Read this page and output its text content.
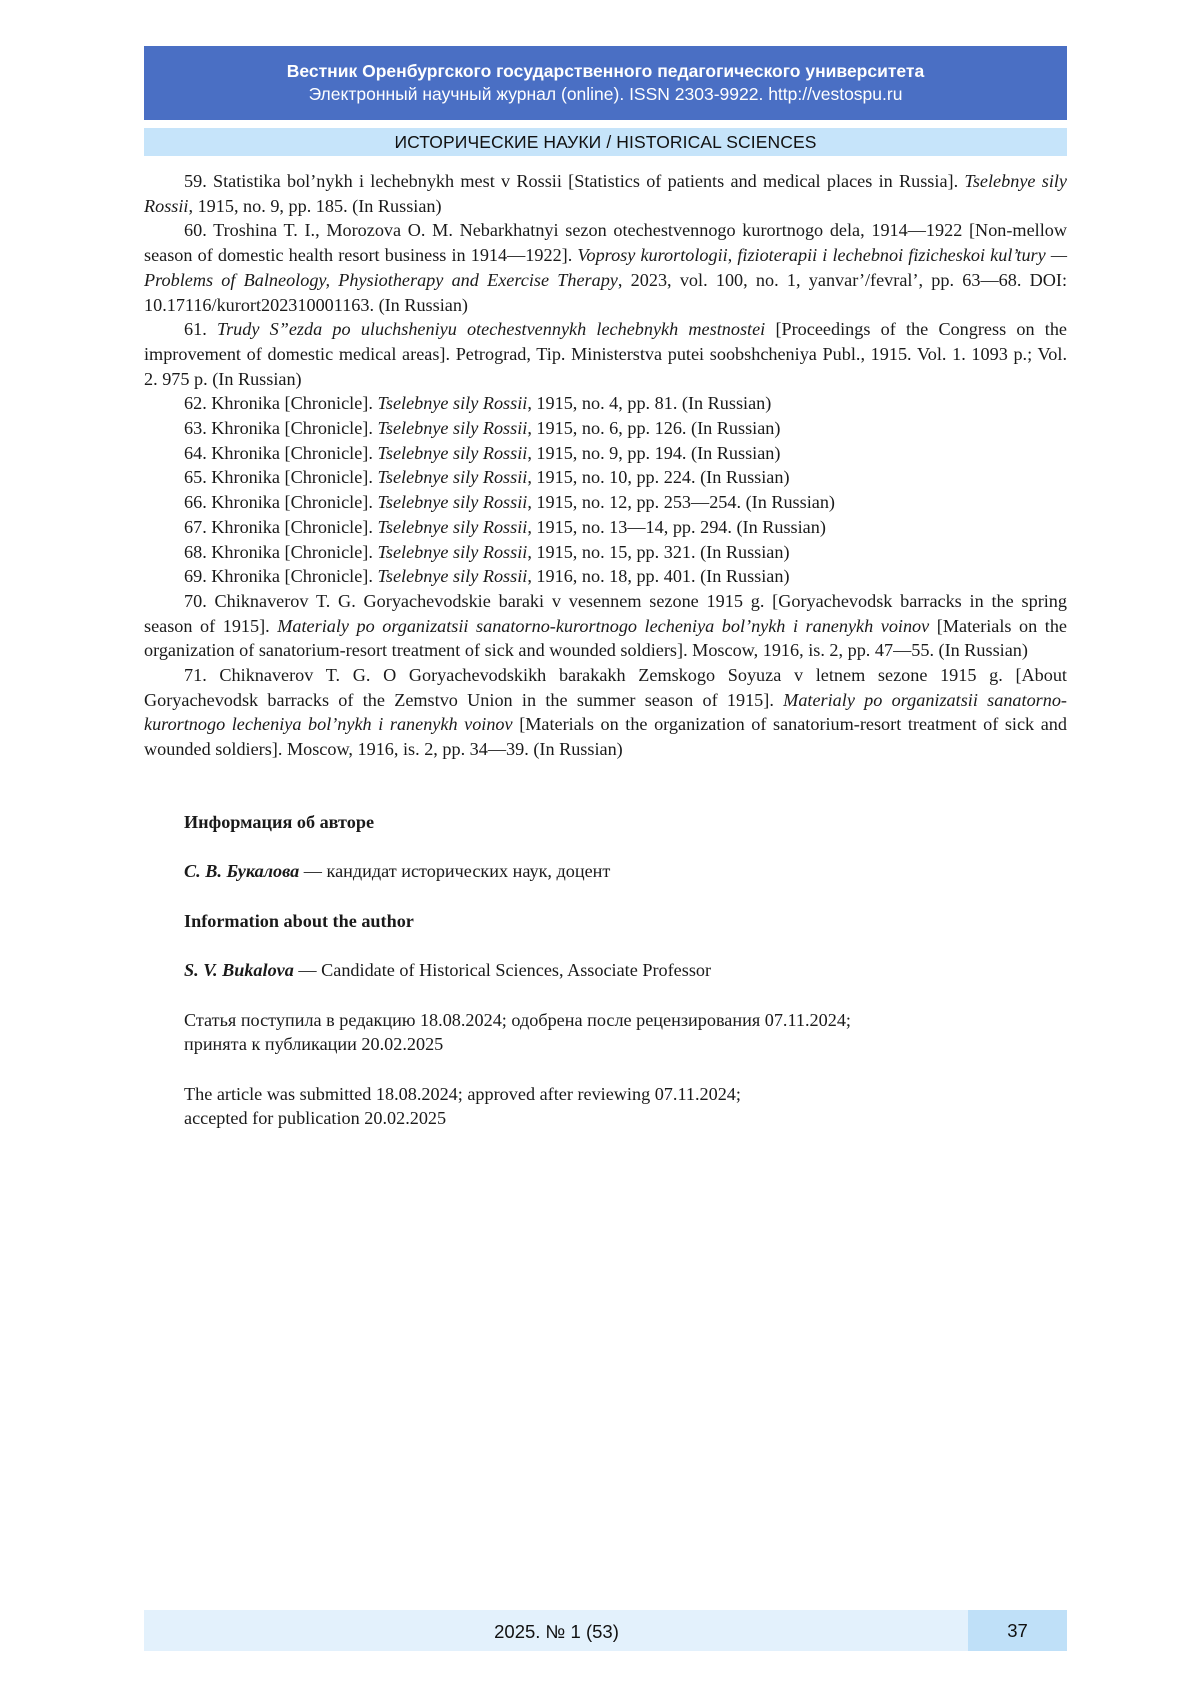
Вестник Оренбургского государственного педагогического университета
Электронный научный журнал (online). ISSN 2303-9922. http://vestospu.ru
ИСТОРИЧЕСКИЕ НАУКИ / HISTORICAL SCIENCES

59. Statistika bol’nykh i lechebnykh mest v Rossii [Statistics of patients and medical places in Russia]. Tselebnye sily Rossii, 1915, no. 9, pp. 185. (In Russian)

60. Troshina T. I., Morozova O. M. Nebarkhatnyi sezon otechestvennogo kurortnogo dela, 1914—1922 [Non-mellow season of domestic health resort business in 1914—1922]. Voprosy kurortologii, fizioterapii i lechebnoi fizicheskoi kul’tury — Problems of Balneology, Physiotherapy and Exercise Therapy, 2023, vol. 100, no. 1, yanvar’/fevral’, pp. 63—68. DOI: 10.17116/kurort202310001163. (In Russian)

61. Trudy S”ezda po uluchsheniyu otechestvennykh lechebnykh mestnostei [Proceedings of the Congress on the improvement of domestic medical areas]. Petrograd, Tip. Ministerstva putei soobshcheniya Publ., 1915. Vol. 1. 1093 p.; Vol. 2. 975 p. (In Russian)

62. Khronika [Chronicle]. Tselebnye sily Rossii, 1915, no. 4, pp. 81. (In Russian)

63. Khronika [Chronicle]. Tselebnye sily Rossii, 1915, no. 6, pp. 126. (In Russian)

64. Khronika [Chronicle]. Tselebnye sily Rossii, 1915, no. 9, pp. 194. (In Russian)

65. Khronika [Chronicle]. Tselebnye sily Rossii, 1915, no. 10, pp. 224. (In Russian)

66. Khronika [Chronicle]. Tselebnye sily Rossii, 1915, no. 12, pp. 253—254. (In Russian)

67. Khronika [Chronicle]. Tselebnye sily Rossii, 1915, no. 13—14, pp. 294. (In Russian)

68. Khronika [Chronicle]. Tselebnye sily Rossii, 1915, no. 15, pp. 321. (In Russian)

69. Khronika [Chronicle]. Tselebnye sily Rossii, 1916, no. 18, pp. 401. (In Russian)

70. Chiknaverov T. G. Goryachevodskie baraki v vesennem sezone 1915 g. [Goryachevodsk barracks in the spring season of 1915]. Materialy po organizatsii sanatorno-kurortnogo lecheniya bol’nykh i ranenykh voinov [Materials on the organization of sanatorium-resort treatment of sick and wounded soldiers]. Moscow, 1916, is. 2, pp. 47—55. (In Russian)

71. Chiknaverov T. G. O Goryachevodskikh barakakh Zemskogo Soyuza v letnem sezone 1915 g. [About Goryachevodsk barracks of the Zemstvo Union in the summer season of 1915]. Materialy po organizatsii sanatorno-kurortnogo lecheniya bol’nykh i ranenykh voinov [Materials on the organization of sanatorium-resort treatment of sick and wounded soldiers]. Moscow, 1916, is. 2, pp. 34—39. (In Russian)

Информация об авторе

С. В. Букалова — кандидат исторических наук, доцент

Information about the author

S. V. Bukalova — Candidate of Historical Sciences, Associate Professor

Статья поступила в редакцию 18.08.2024; одобрена после рецензирования 07.11.2024;
принята к публикации 20.02.2025

The article was submitted 18.08.2024; approved after reviewing 07.11.2024;
accepted for publication 20.02.2025

2025. № 1 (53)	37
